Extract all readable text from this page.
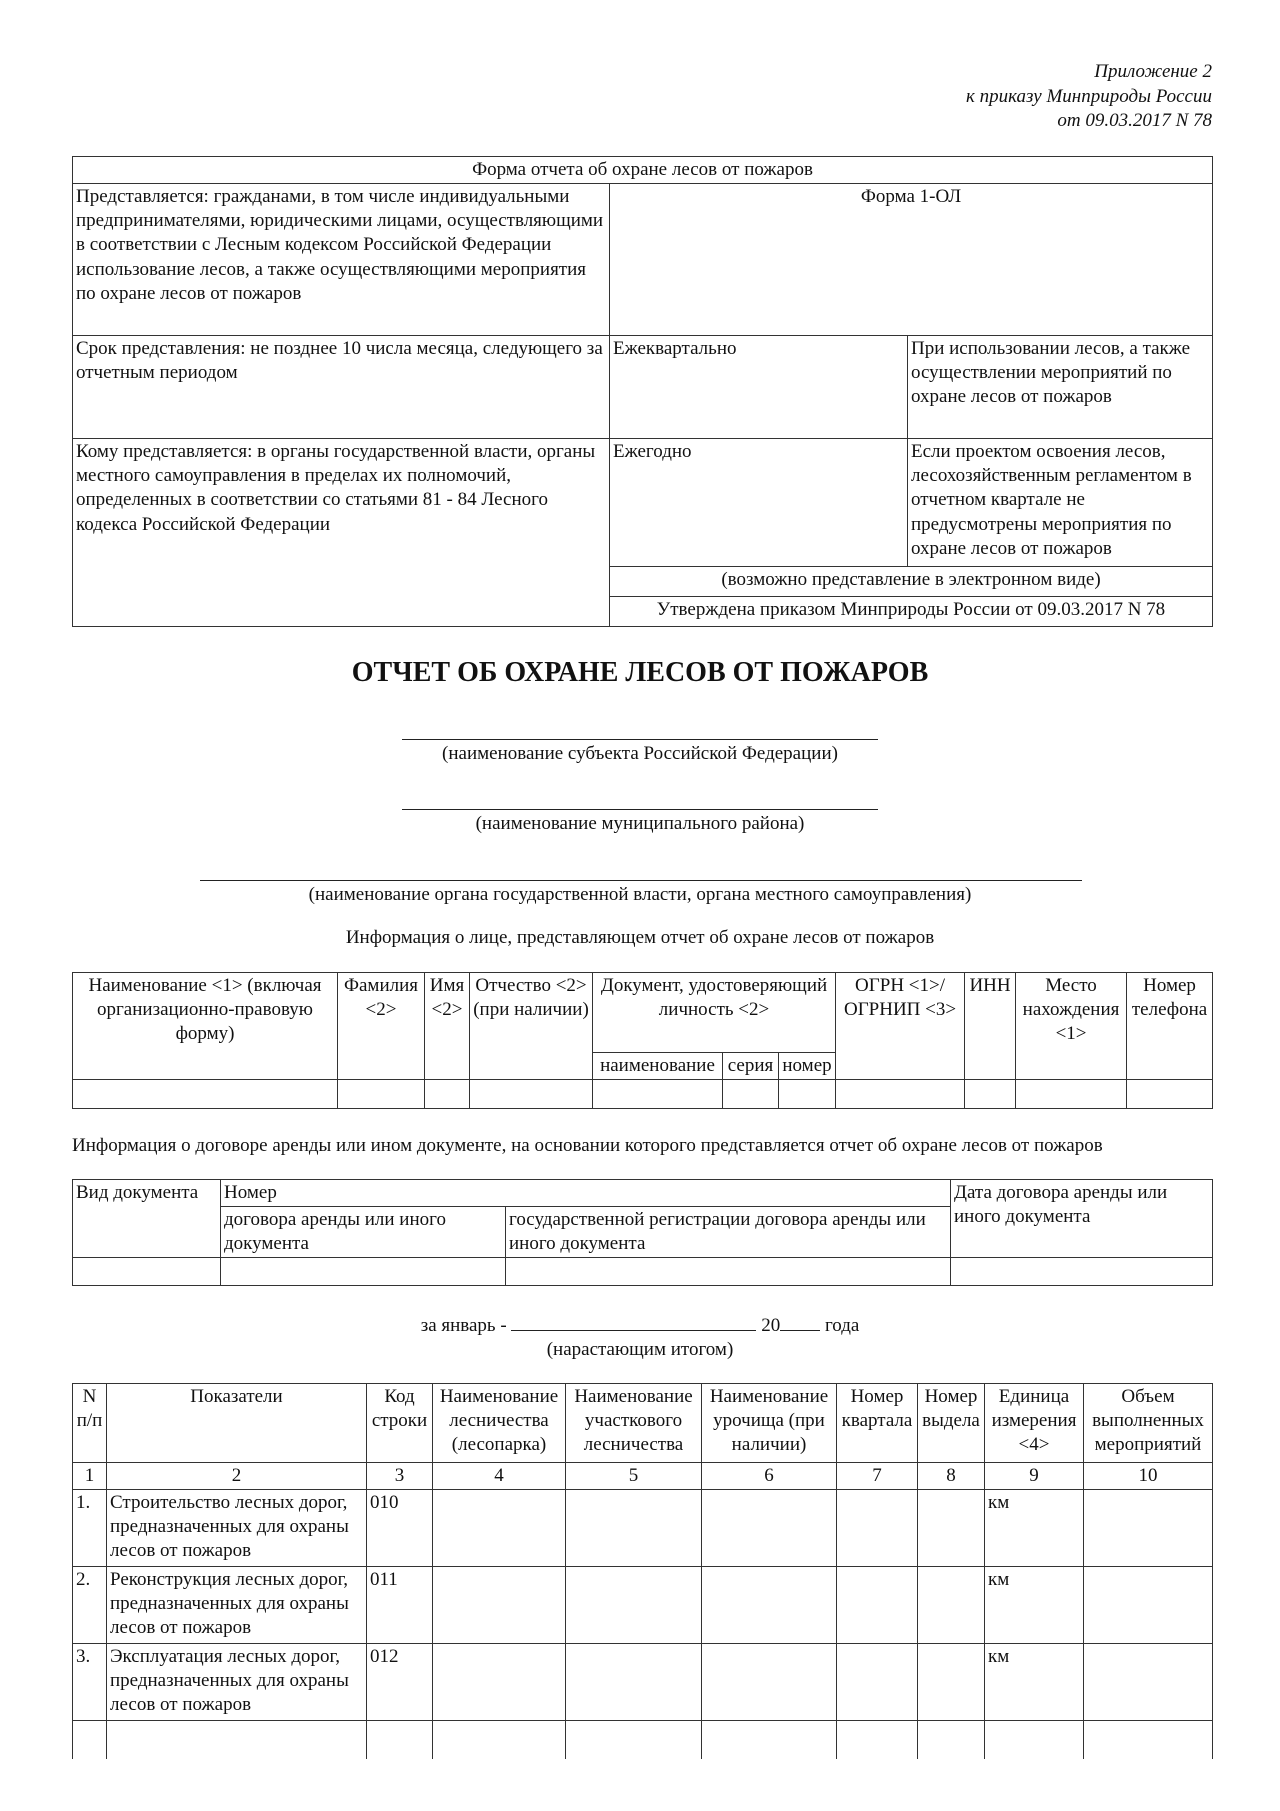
Приложение 2
к приказу Минприроды России
от 09.03.2017 N 78
Форма отчета об охране лесов от пожаров		
Представляется: гражданами, в том числе индивидуальными предпринимателями, юридическими лицами, осуществляющими в соответствии с Лесным кодексом Российской Федерации использование лесов, а также осуществляющими мероприятия по охране лесов от пожаров	Форма 1-ОЛ	
Срок представления: не позднее 10 числа месяца, следующего за отчетным периодом	Ежеквартально	При использовании лесов, а также осуществлении мероприятий по охране лесов от пожаров
Кому представляется: в органы государственной власти, органы местного самоуправления в пределах их полномочий, определенных в соответствии со статьями 81 - 84 Лесного кодекса Российской Федерации	Ежегодно	Если проектом освоения лесов, лесохозяйственным регламентом в отчетном квартале не предусмотрены мероприятия по охране лесов от пожаров
	(возможно представление в электронном виде)	
	Утверждена приказом Минприроды России от 09.03.2017 N 78	
ОТЧЕТ ОБ ОХРАНЕ ЛЕСОВ ОТ ПОЖАРОВ
(наименование субъекта Российской Федерации)
(наименование муниципального района)
(наименование органа государственной власти, органа местного самоуправления)
Информация о лице, представляющем отчет об охране лесов от пожаров
Наименование <1> (включая организационно-правовую форму)	Фамилия <2>	Имя <2>	Отчество <2> (при наличии)	Документ, удостоверяющий личность <2>			ОГРН <1>/ОГРНИП <3>	ИНН	Место нахождения <1>	Номер телефона
				наименование	серия	номер				

Информация о договоре аренды или ином документе, на основании которого представляется отчет об охране лесов от пожаров
Вид документа	Номер		Дата договора аренды или иного документа
	договора аренды или иного документа	государственной регистрации договора аренды или иного документа	

за январь -	20 года
(нарастающим итогом)
N п/п	Показатели	Код строки	Наименование лесничества (лесопарка)	Наименование участкового лесничества	Наименование урочища (при наличии)	Номер квартала	Номер выдела	Единица измерения <4>	Объем выполненных мероприятий
1	2	3	4	5	6	7	8	9	10
1.	Строительство лесных дорог, предназначенных для охраны лесов от пожаров	010						км	
2.	Реконструкция лесных дорог, предназначенных для охраны лесов от пожаров	011						км	
3.	Эксплуатация лесных дорог, предназначенных для охраны лесов от пожаров	012						км	
